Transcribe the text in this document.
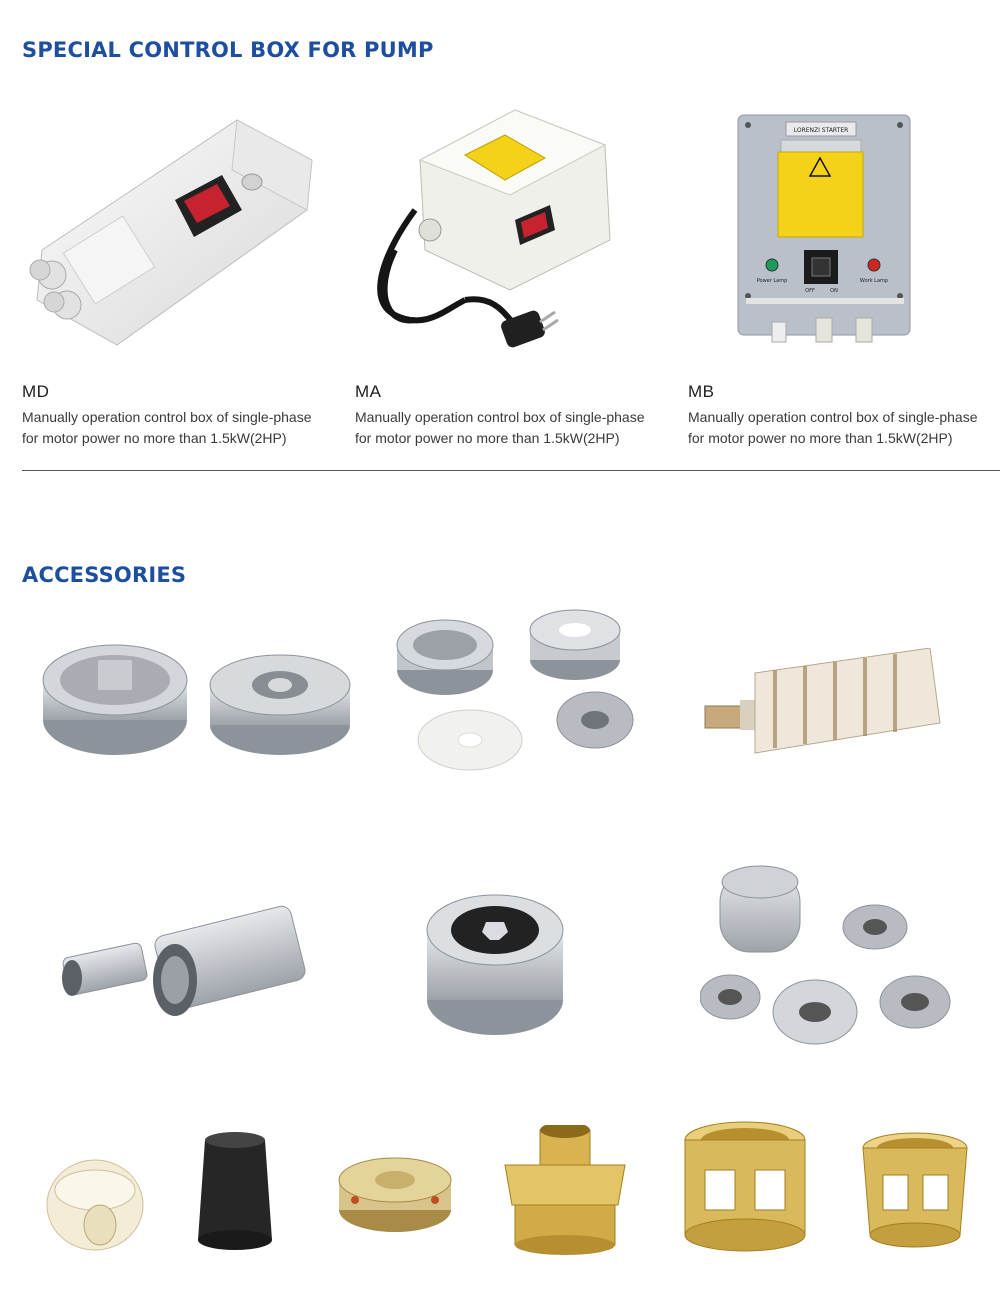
SPECIAL CONTROL BOX FOR PUMP

MD

Manually operation control box of single-phase
for motor power no more than 1.5kW(2HP)

MA

Manually operation control box of single-phase
for motor power no more than 1.5kW(2HP)

LORENZI STARTER
Power Lamp	Work Lamp
OFF	ON

MB

Manually operation control box of single-phase
for motor power no more than 1.5kW(2HP)

ACCESSORIES
